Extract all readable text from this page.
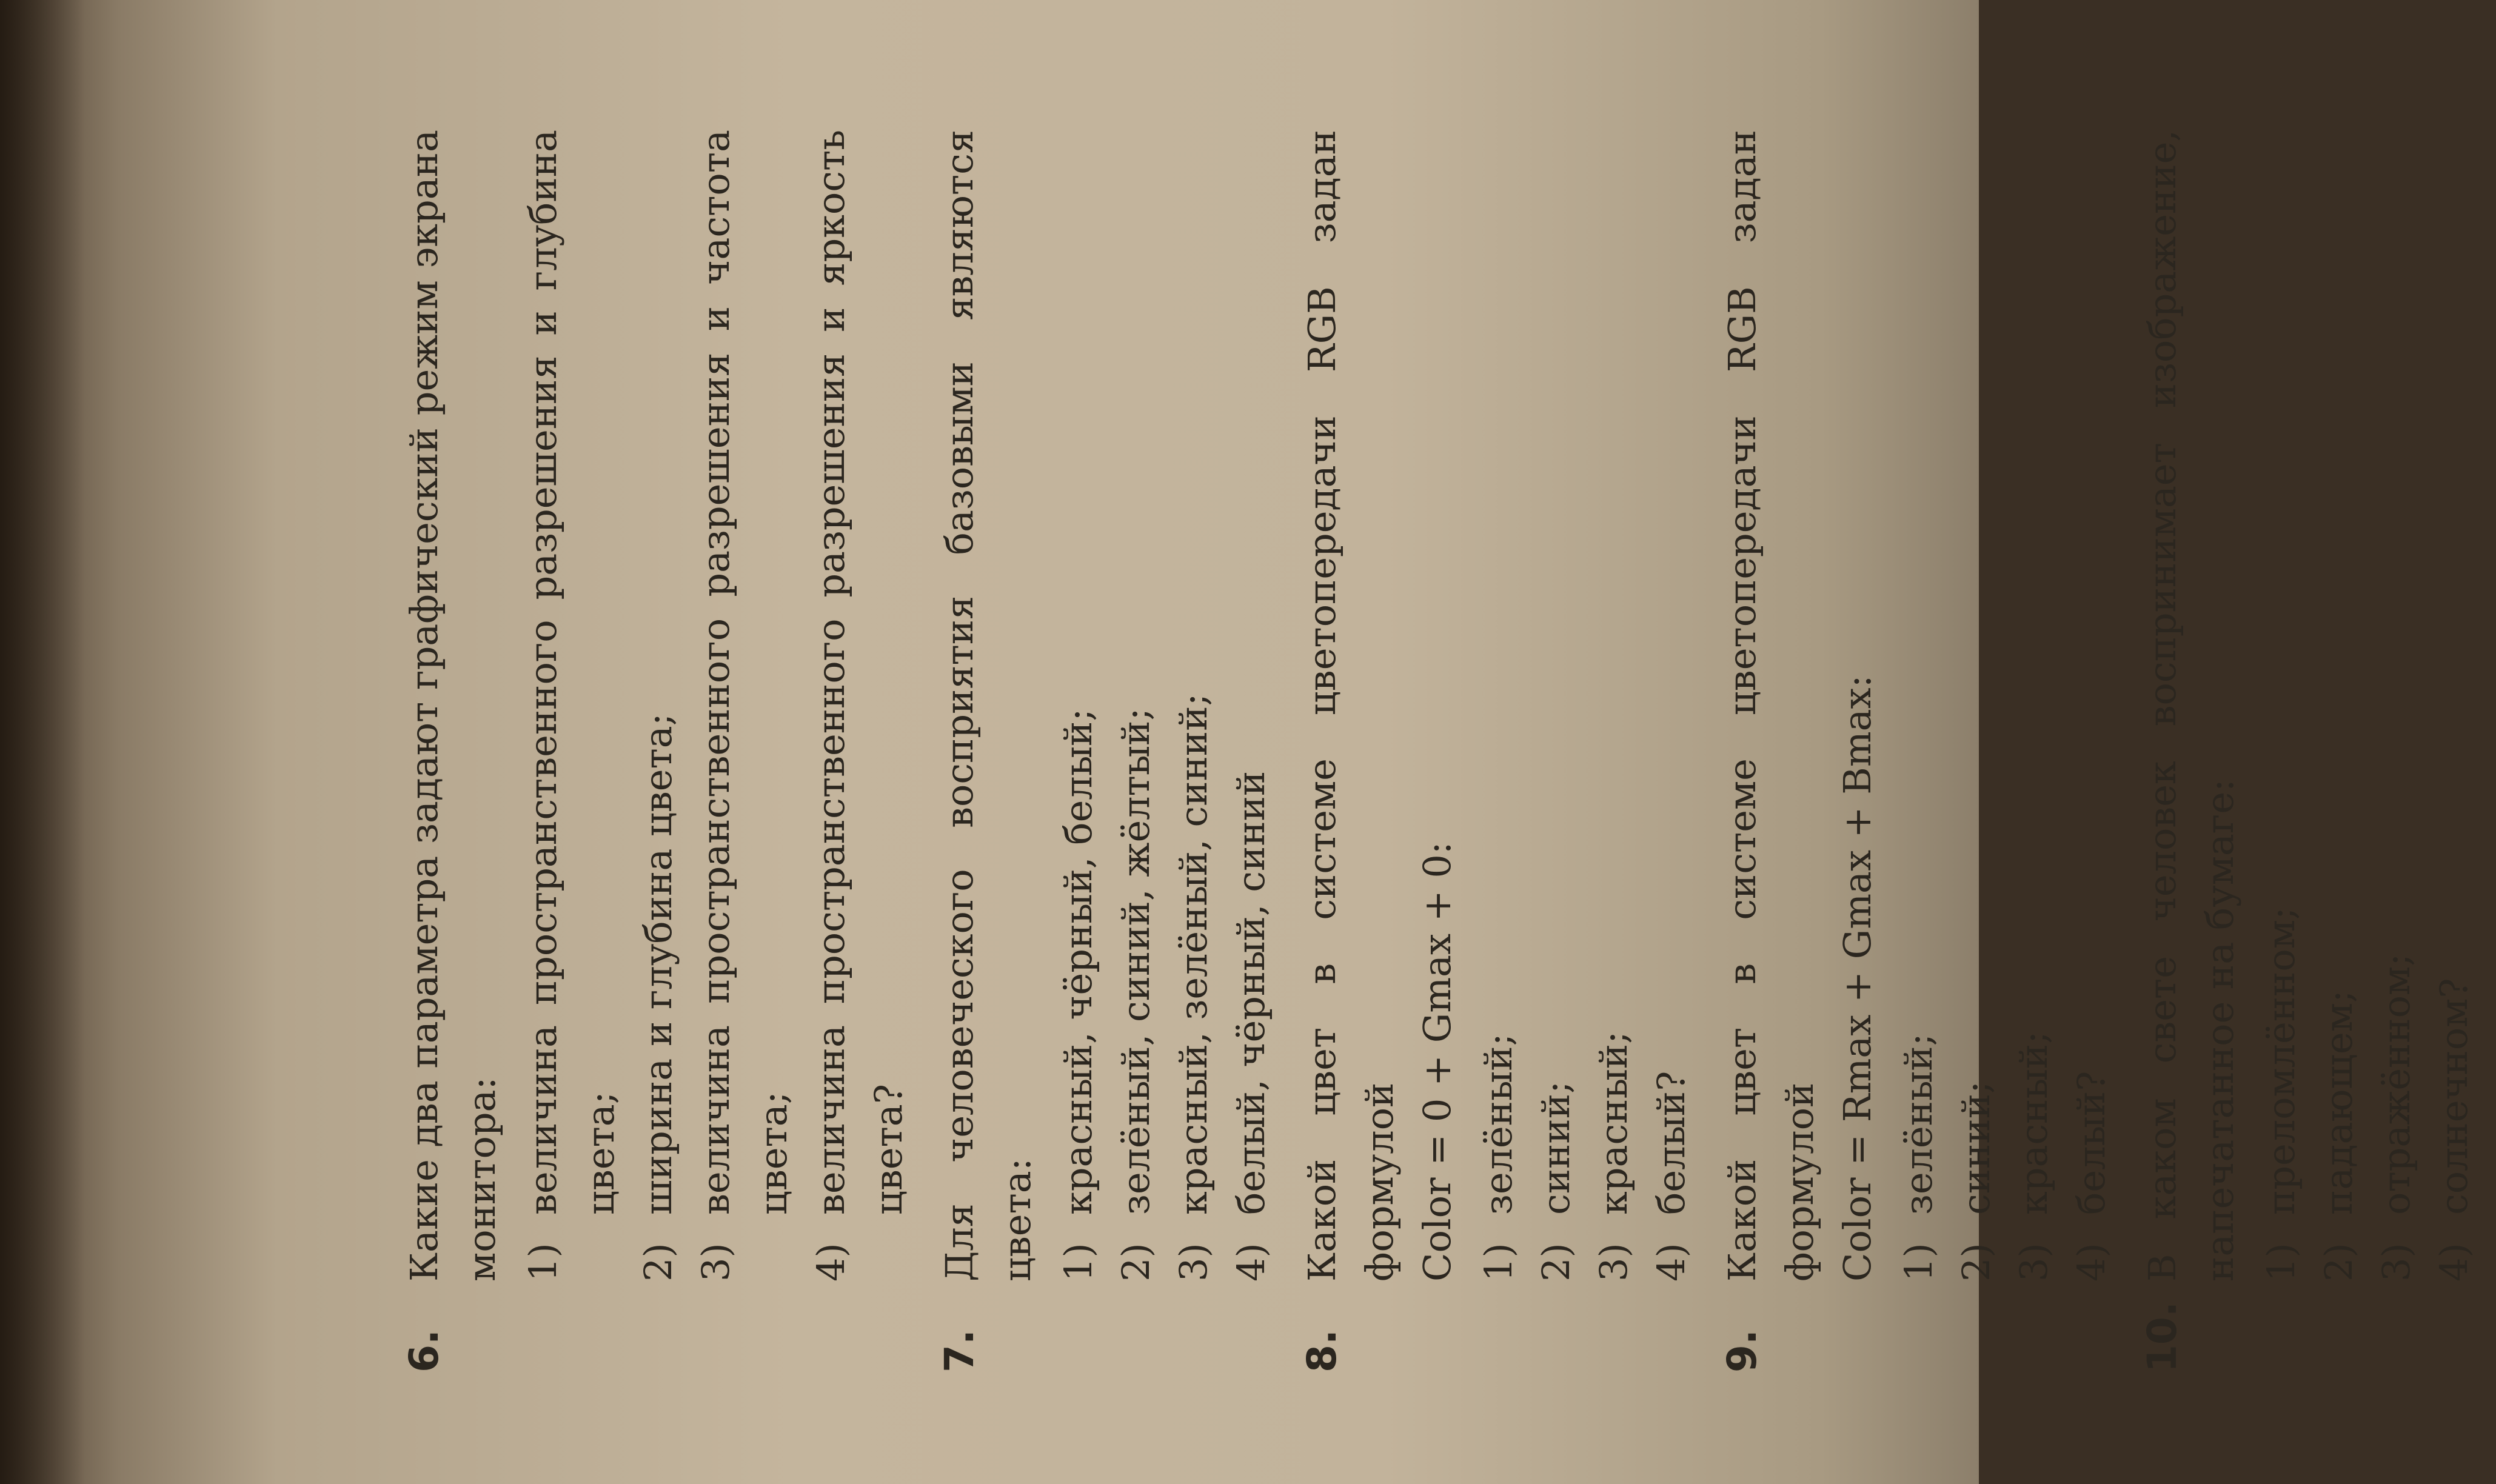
6.
Какие два параметра задают графический режим экрана монитора: 1)
величина пространственного разрешения и глубина цвета;
2)
ширина и глубина цвета;
3)
величина пространственного разрешения и частота цвета;
4)
величина пространственного разрешения и яркость цвета?
7.
Для человеческого восприятия базовыми являются цвета: 1)
красный, чёрный, белый;
2)
зелёный, синий, жёлтый;
3)
красный, зелёный, синий;
4)
белый, чёрный, синий
8.
Какой цвет в системе цветопередачи RGB задан формулой Color = 0 + Gmax + 0: 1)
зелёный;
2)
синий;
3)
красный;
4)
белый?
9.
Какой цвет в системе цветопередачи RGB задан формулой Color = Rmax + Gmax + Bmax: 1)
зелёный;
2)
синий;
3)
красный;
4)
белый?
10.
В каком свете человек воспринимает изображение, напечатанное на бумаге: 1)
преломлённом;
2)
падающем;
3)
отражённом;
4)
солнечном?
